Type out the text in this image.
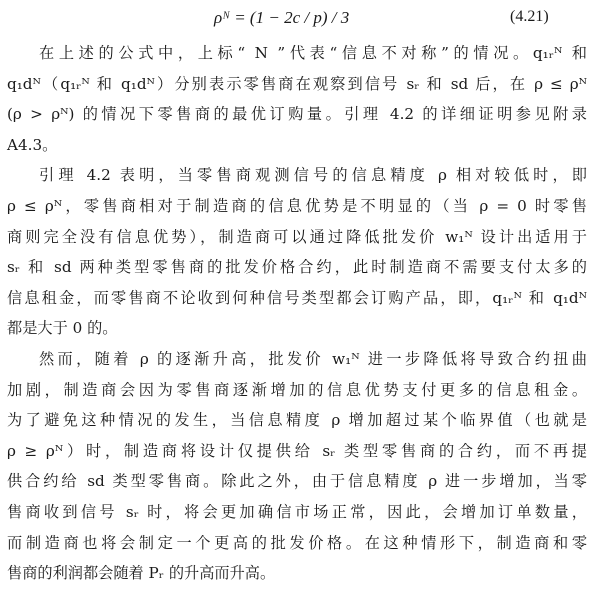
ρᴺ = (1 − 2c / p) / 3	(4.21)
在上述的公式中，上标“ N ”代表“信息不对称”的情况。q₁ᵣᴺ 和
q₁dᴺ（q₁ᵣᴺ 和 q₁dᴺ）分别表示零售商在观察到信号 sᵣ 和 sd 后，在 ρ ≤ ρᴺ
(ρ > ρᴺ) 的情况下零售商的最优订购量。引理 4.2 的详细证明参见附录
A4.3。
引理 4.2 表明，当零售商观测信号的信息精度 ρ 相对较低时，即
ρ ≤ ρᴺ，零售商相对于制造商的信息优势是不明显的（当 ρ = 0 时零售
商则完全没有信息优势），制造商可以通过降低批发价 w₁ᴺ 设计出适用于
sᵣ 和 sd 两种类型零售商的批发价格合约，此时制造商不需要支付太多的
信息租金，而零售商不论收到何种信号类型都会订购产品，即，q₁ᵣᴺ 和 q₁dᴺ
都是大于 0 的。
然而，随着 ρ 的逐渐升高，批发价 w₁ᴺ 进一步降低将导致合约扭曲
加剧，制造商会因为零售商逐渐增加的信息优势支付更多的信息租金。
为了避免这种情况的发生，当信息精度 ρ 增加超过某个临界值（也就是
ρ ≥ ρᴺ）时，制造商将设计仅提供给 sᵣ 类型零售商的合约，而不再提
供合约给 sd 类型零售商。除此之外，由于信息精度 ρ 进一步增加，当零
售商收到信号 sᵣ 时，将会更加确信市场正常，因此，会增加订单数量，
而制造商也将会制定一个更高的批发价格。在这种情形下，制造商和零
售商的利润都会随着 Pᵣ 的升高而升高。
